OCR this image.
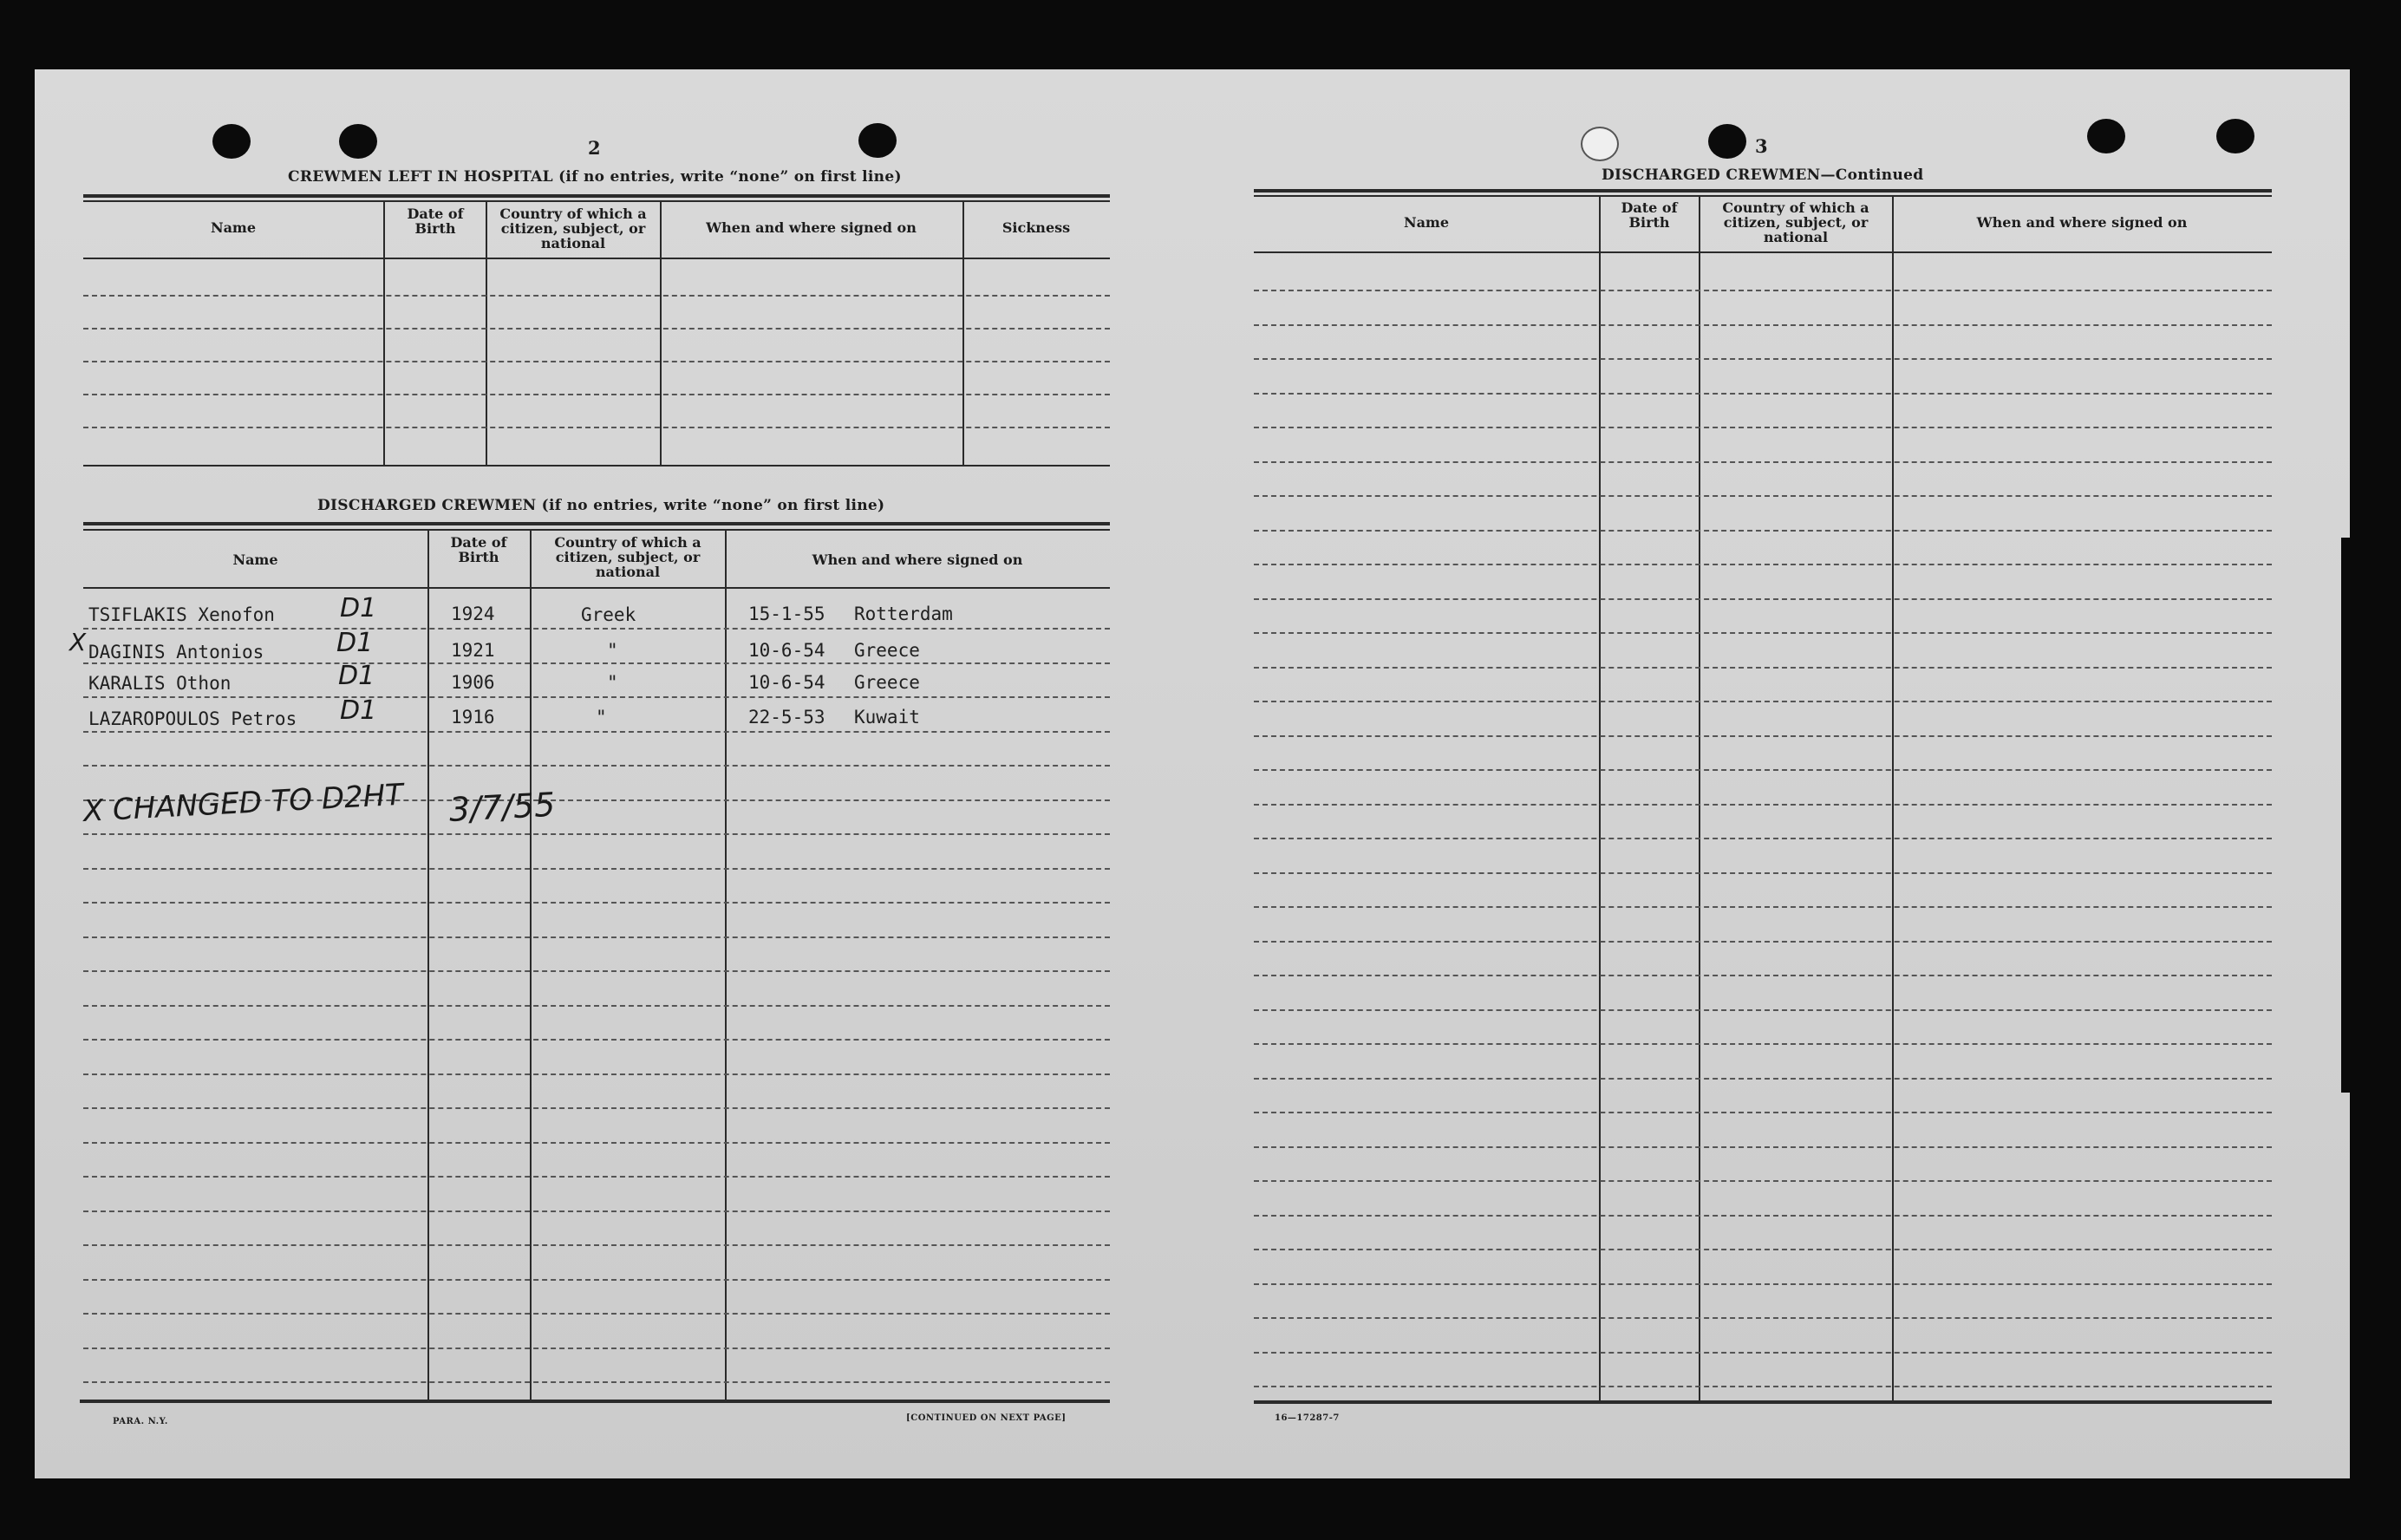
2
CREWMEN LEFT IN HOSPITAL (if no entries, write “none” on first line)
Name
Date of Birth
Country of which a citizen, subject, or national
When and where signed on	Sickness
DISCHARGED CREWMEN (if no entries, write “none” on first line)
Name
Date of Birth
Country of which a citizen, subject, or national
When and where signed on
TSIFLAKIS Xenofon	D1	1924	Greek	15-1-55 Rotterdam
X DAGINIS Antonios	D1	1921	"	10-6-54 Greece
KARALIS Othon	D1	1906	"	10-6-54 Greece
LAZAROPOULOS Petros D1	1916	"	22-5-53 Kuwait
X CHANGED TO D2HT 3/7/55
PARA. N.Y.	[CONTINUED ON NEXT PAGE]
3
DISCHARGED CREWMEN—Continued
Name
Date of Birth
Country of which a citizen, subject, or national
When and where signed on
16—17287-7
